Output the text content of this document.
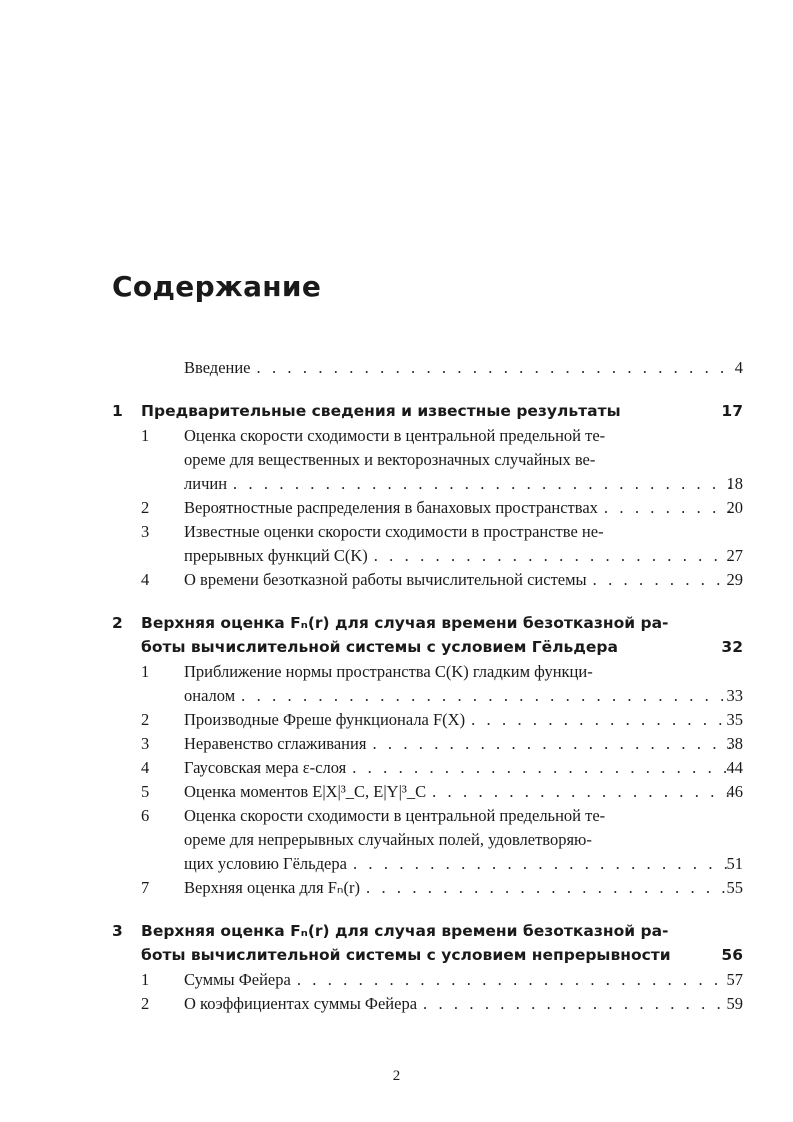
Содержание
Введение . . .	4
1 Предварительные сведения и известные результаты	17
1 Оценка скорости сходимости в центральной предельной те-
ореме для вещественных и векторозначных случайных ве-
личин . . .	18
2 Вероятностные распределения в банаховых пространствах . . .	20
3 Известные оценки скорости сходимости в пространстве не-
прерывных функций C(K) . . .	27
4 О времени безотказной работы вычислительной системы . . .	29
2 Верхняя оценка Fₙ(r) для случая времени безотказной ра-
боты вычислительной системы с условием Гёльдера	32
1 Приближение нормы пространства C(K) гладким функци-
оналом . . .	33
2 Производные Фреше функционала F(X) . . .	35
3 Неравенство сглаживания . . .	38
4 Гаусовская мера ε-слоя . . .	44
5 Оценка моментов E|X|³_C, E|Y|³_C . . .	46
6 Оценка скорости сходимости в центральной предельной те-
ореме для непрерывных случайных полей, удовлетворяю-
щих условию Гёльдера . . .	51
7 Верхняя оценка для Fₙ(r) . . .	55
3 Верхняя оценка Fₙ(r) для случая времени безотказной ра-
боты вычислительной системы с условием непрерывности	56
1 Суммы Фейера . . .	57
2 О коэффициентах суммы Фейера . . .	59
2
